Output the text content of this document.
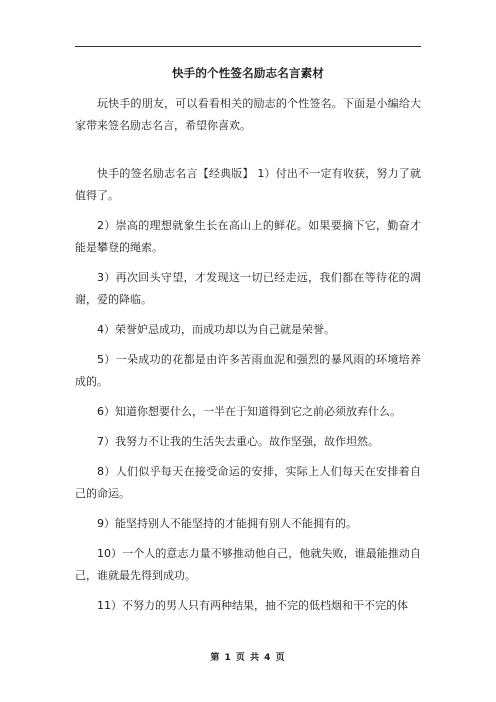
快手的个性签名励志名言素材

玩快手的朋友，可以看看相关的励志的个性签名。下面是小编给大家带来签名励志名言，希望你喜欢。

快手的签名励志名言【经典版】 1）付出不一定有收获，努力了就值得了。

2）崇高的理想就象生长在高山上的鲜花。如果要摘下它，勤奋才能是攀登的绳索。

3）再次回头守望，才发现这一切已经走远，我们都在等待花的凋谢，爱的降临。

4）荣誉妒忌成功，而成功却以为自己就是荣誉。

5）一朵成功的花都是由许多苦雨血泥和强烈的暴风雨的环境培养成的。

6）知道你想要什么，一半在于知道得到它之前必须放弃什么。

7）我努力不让我的生活失去重心。故作坚强，故作坦然。

8）人们似乎每天在接受命运的安排，实际上人们每天在安排着自己的命运。

9）能坚持别人不能坚持的才能拥有别人不能拥有的。

10）一个人的意志力量不够推动他自己，他就失败，谁最能推动自己，谁就最先得到成功。

11）不努力的男人只有两种结果，抽不完的低档烟和干不完的体

第 1 页 共 4 页
